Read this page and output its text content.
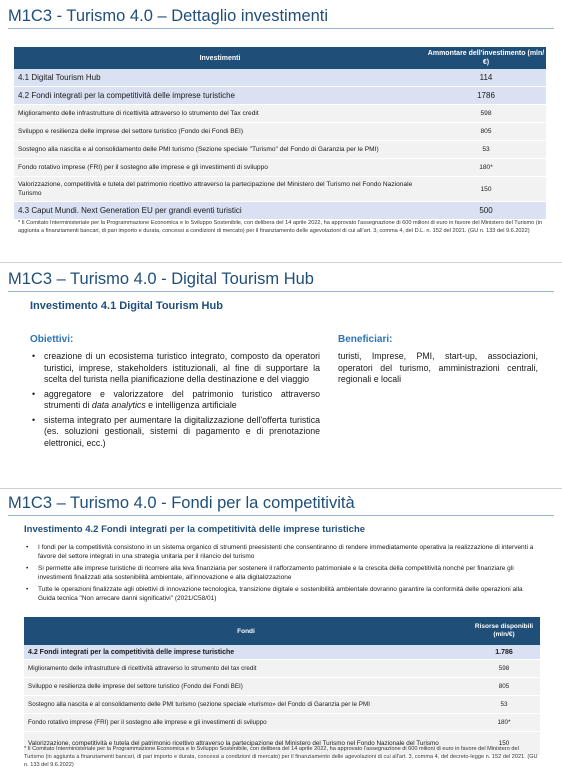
M1C3 - Turismo 4.0 – Dettaglio investimenti
Investimenti	Ammontare dell'investimento (mln/€)
4.1 Digital Tourism Hub	114
4.2 Fondi integrati per la competitività delle imprese turistiche	1786
Miglioramento delle infrastrutture di ricettività attraverso lo strumento del Tax credit	598
Sviluppo e resilienza delle imprese del settore turistico (Fondo dei Fondi BEI)	805
Sostegno alla nascita e al consolidamento delle PMI turismo (Sezione speciale "Turismo" del Fondo di Garanzia per le PMI)	53
Fondo rotativo imprese (FRI) per il sostegno alle imprese e gli investimenti di sviluppo	180*
Valorizzazione, competitività e tutela del patrimonio ricettivo attraverso la partecipazione del Ministero del Turismo nel Fondo Nazionale Turismo	150
4.3 Caput Mundi. Next Generation EU per grandi eventi turistici	500
* Il Comitato Interministeriale per la Programmazione Economica e lo Sviluppo Sostenibile, con delibera del 14 aprile 2022, ha approvato l'assegnazione di 600 milioni di euro in favore del Ministero del Turismo (in aggiunta a finanziamenti bancari, di pari importo e durata, concessi a condizioni di mercato) per il finanziamento delle agevolazioni di cui all'art. 3, comma 4, del D.L. n. 152 del 2021. (GU n. 133 del 9.6.2022)
M1C3 – Turismo 4.0 - Digital Tourism Hub
Investimento 4.1 Digital Tourism Hub
Obiettivi:
• creazione di un ecosistema turistico integrato, composto da operatori turistici, imprese, stakeholders istituzionali, al fine di supportare la scelta del turista nella pianificazione della destinazione e del viaggio
• aggregatore e valorizzatore del patrimonio turistico attraverso strumenti di data analytics e intelligenza artificiale
• sistema integrato per aumentare la digitalizzazione dell'offerta turistica (es. soluzioni gestionali, sistemi di pagamento e di prenotazione elettronici, ecc.)
Beneficiari:
turisti, Imprese, PMI, start-up, associazioni, operatori del turismo, amministrazioni centrali, regionali e locali
M1C3 – Turismo 4.0 - Fondi per la competitività
Investimento 4.2 Fondi integrati per la competitività delle imprese turistiche
• I fondi per la competitività consistono in un sistema organico di strumenti preesistenti che consentiranno di rendere immediatamente operativa la realizzazione di interventi a favore del settore integrati in una strategia unitaria per il rilancio del turismo
• Si permette alle imprese turistiche di ricorrere alla leva finanziaria per sostenere il rafforzamento patrimoniale e la crescita della competitività nonché per finanziare gli investimenti finalizzati alla sostenibilità ambientale, all'innovazione e alla digitalizzazione
• Tutte le operazioni finalizzate agli obiettivi di innovazione tecnologica, transizione digitale e sostenibilità ambientale dovranno garantire la conformità delle operazioni alla Guida tecnica "Non arrecare danni significativi" (2021/C58/01)
Fondi	Risorse disponibili (mln/€)
4.2 Fondi integrati per la competitività delle imprese turistiche	1.786
Miglioramento delle infrastrutture di ricettività attraverso lo strumento del tax credit	598
Sviluppo e resilienza delle imprese del settore turistico (Fondo dei Fondi BEI)	805
Sostegno alla nascita e al consolidamento delle PMI turismo (sezione speciale «turismo» del Fondo di Garanzia per le PMI	53
Fondo rotativo imprese (FRI) per il sostegno alle imprese e gli investimenti di sviluppo	180*
Valorizzazione, competitività e tutela del patrimonio ricettivo attraverso la partecipazione del Ministero del Turismo nel Fondo Nazionale del Turismo	150
* Il Comitato Interministeriale per la Programmazione Economica e lo Sviluppo Sostenibile, con delibera del 14 aprile 2022, ha approvato l'assegnazione di 600 milioni di euro in favore del Ministero del Turismo (in aggiunta a finanziamenti bancari, di pari importo e durata, concessi a condizioni di mercato) per il finanziamento delle agevolazioni di cui all'art. 3, comma 4, del decreto-legge n. 152 del 2021. (GU n. 133 del 9.6.2022)
